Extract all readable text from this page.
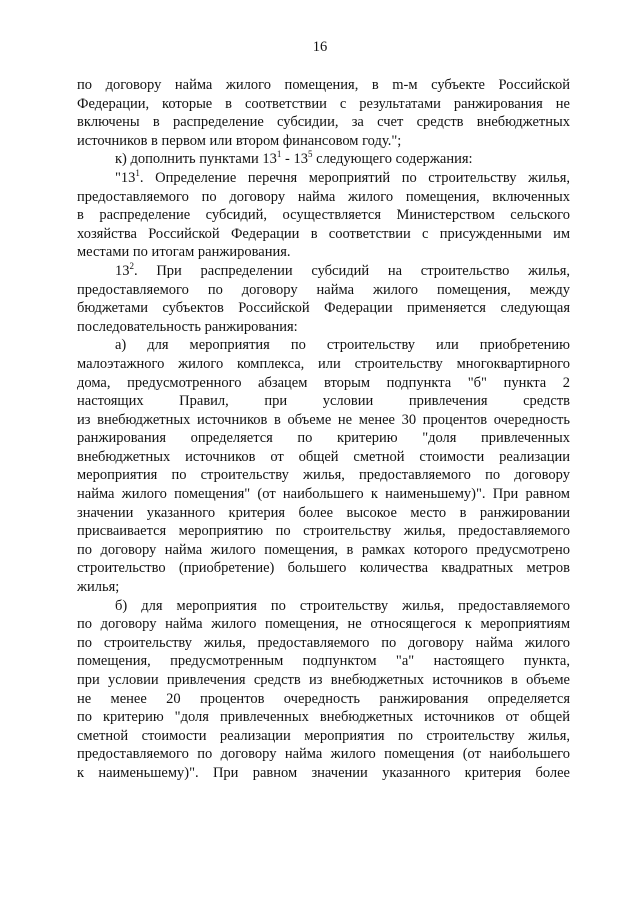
16

по договору найма жилого помещения, в m-м субъекте Российской
Федерации, которые в соответствии с результатами ранжирования не
включены в распределение субсидии, за счет средств внебюджетных
источников в первом или втором финансовом году.";

к) дополнить пунктами $13^1 - 13^5$ следующего содержания:

"$13^1$. Определение перечня мероприятий по строительству жилья,
предоставляемого по договору найма жилого помещения, включенных
в распределение субсидий, осуществляется Министерством сельского
хозяйства Российской Федерации в соответствии с присужденными им
местами по итогам ранжирования.

$13^2$. При распределении субсидий на строительство жилья,
предоставляемого по договору найма жилого помещения, между
бюджетами субъектов Российской Федерации применяется следующая
последовательность ранжирования:

а) для мероприятия по строительству или приобретению
малоэтажного жилого комплекса, или строительству многоквартирного
дома, предусмотренного абзацем вторым подпункта "б" пункта 2
настоящих Правил, при условии привлечения средств
из внебюджетных источников в объеме не менее 30 процентов очередность
ранжирования определяется по критерию "доля привлеченных
внебюджетных источников от общей сметной стоимости реализации
мероприятия по строительству жилья, предоставляемого по договору
найма жилого помещения" (от наибольшего к наименьшему)". При равном
значении указанного критерия более высокое место в ранжировании
присваивается мероприятию по строительству жилья, предоставляемого
по договору найма жилого помещения, в рамках которого предусмотрено
строительство (приобретение) большего количества квадратных метров
жилья;

б) для мероприятия по строительству жилья, предоставляемого
по договору найма жилого помещения, не относящегося к мероприятиям
по строительству жилья, предоставляемого по договору найма жилого
помещения, предусмотренным подпунктом "а" настоящего пункта,
при условии привлечения средств из внебюджетных источников в объеме
не менее 20 процентов очередность ранжирования определяется
по критерию "доля привлеченных внебюджетных источников от общей
сметной стоимости реализации мероприятия по строительству жилья,
предоставляемого по договору найма жилого помещения (от наибольшего
к наименьшему)". При равном значении указанного критерия более
